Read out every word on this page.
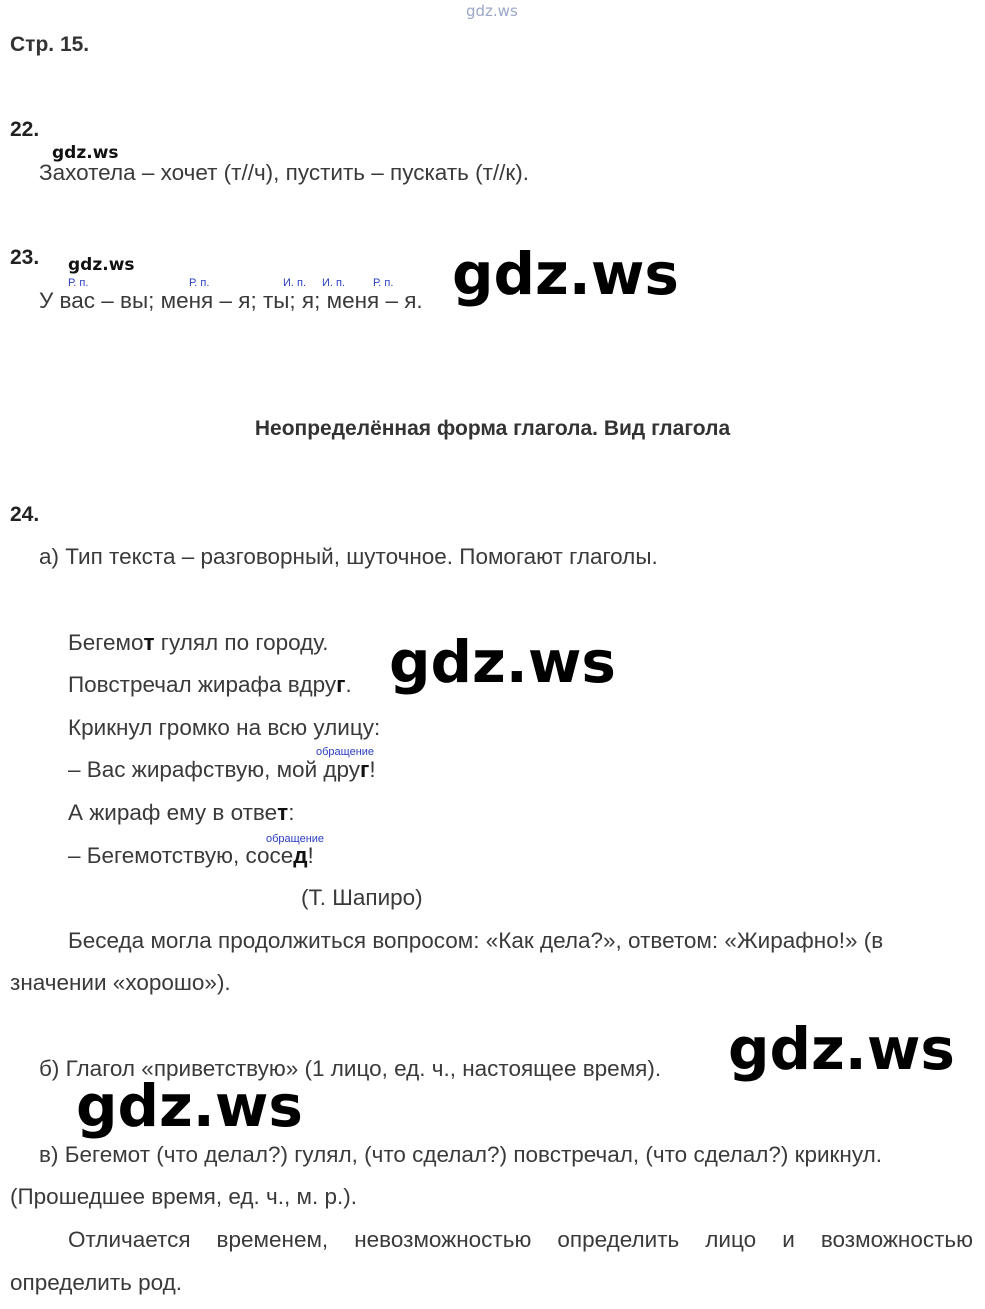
gdz.ws
Стр. 15.
22.
gdz.ws
Захотела – хочет (т//ч), пустить – пускать (т//к).
23. gdz.ws
Р. п.	Р. п.	И. п. И. п.	Р. п.
У вас – вы; меня – я; ты; я; меня – я. gdz.ws
Неопределённая форма глагола. Вид глагола
24.
а) Тип текста – разговорный, шуточное. Помогают глаголы.
Бегемот гулял по городу.
Повстречал жирафа вдруг. gdz.ws
Крикнул громко на всю улицу:
обращение
– Вас жирафствую, мой друг!
А жираф ему в ответ:
обращение
– Бегемотствую, сосед!
(Т. Шапиро)
Беседа могла продолжиться вопросом: «Как дела?», ответом: «Жирафно!» (в
значении «хорошо»).
б) Глагол «приветствую» (1 лицо, ед. ч., настоящее время). gdz.ws
gdz.ws
в) Бегемот (что делал?) гулял, (что сделал?) повстречал, (что сделал?) крикнул.
(Прошедшее время, ед. ч., м. р.).
Отличается временем, невозможностью определить лицо и возможностью
определить род.
